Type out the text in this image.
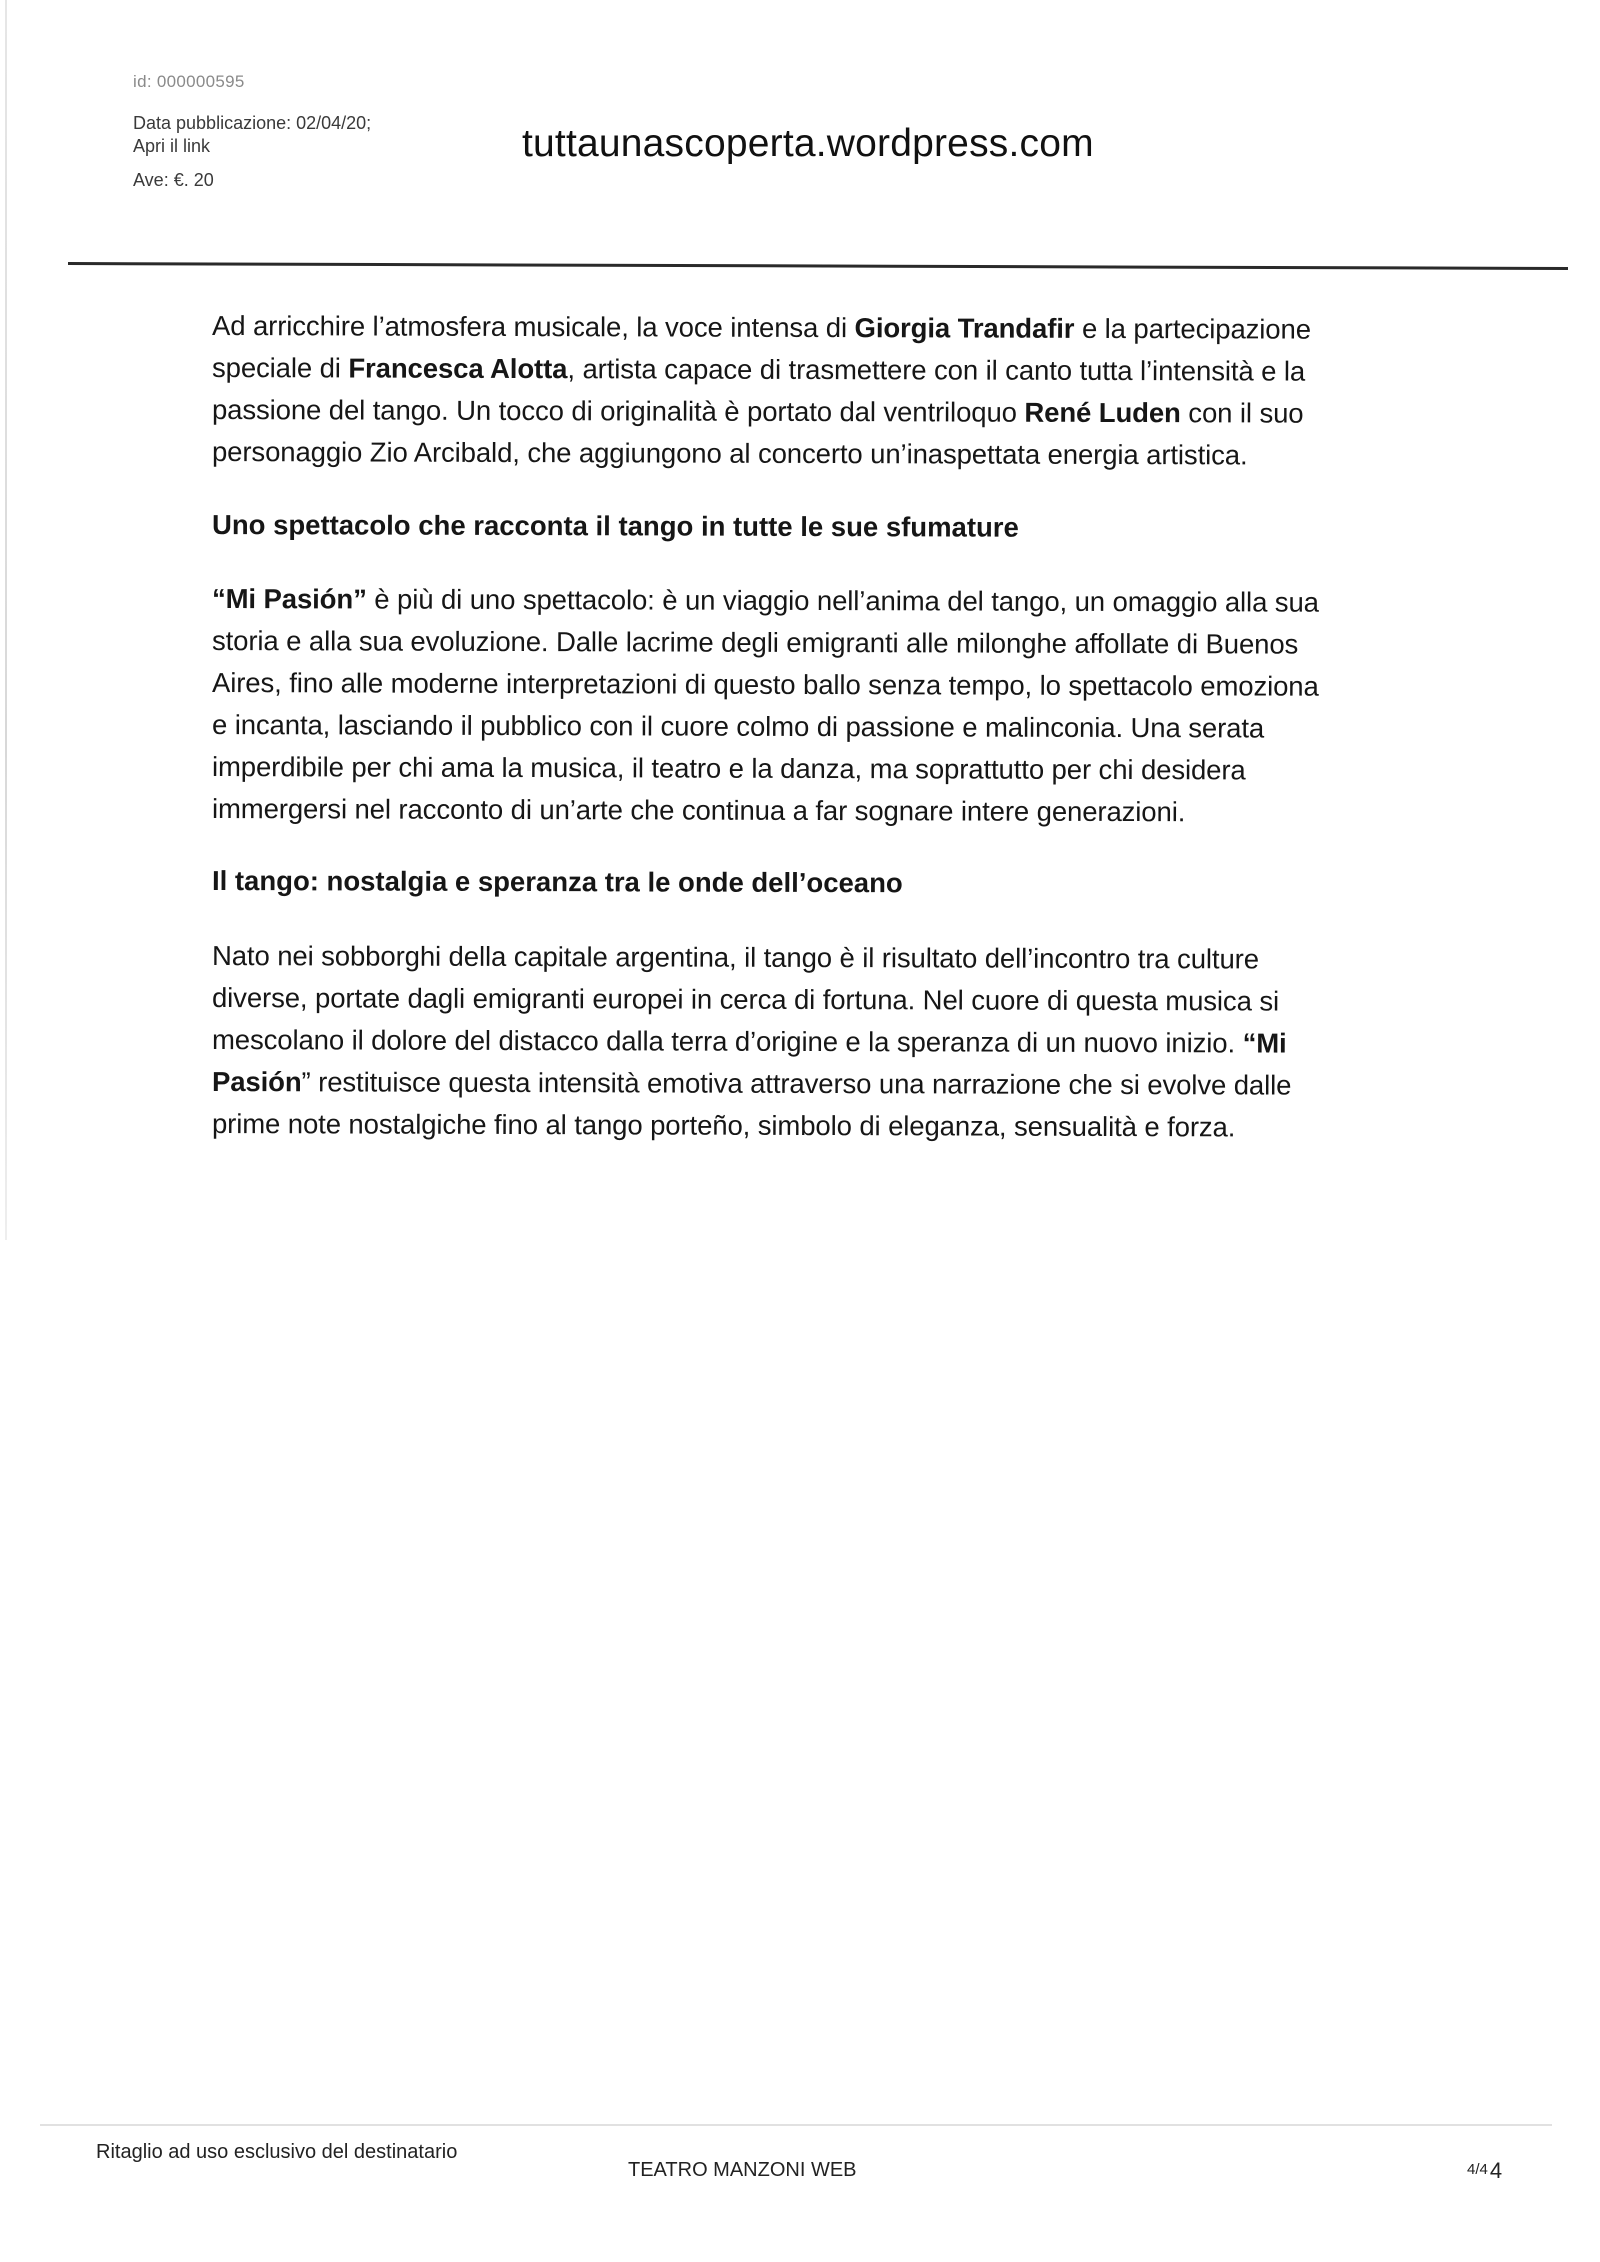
id: 000000595
Data pubblicazione: 02/04/20;
Apri il link
Ave: €. 20
tuttaunascoperta.wordpress.com
Ad arricchire l’atmosfera musicale, la voce intensa di Giorgia Trandafir e la partecipazione
speciale di Francesca Alotta, artista capace di trasmettere con il canto tutta l’intensità e la
passione del tango. Un tocco di originalità è portato dal ventriloquo René Luden con il suo
personaggio Zio Arcibald, che aggiungono al concerto un’inaspettata energia artistica.
Uno spettacolo che racconta il tango in tutte le sue sfumature
“Mi Pasión” è più di uno spettacolo: è un viaggio nell’anima del tango, un omaggio alla sua
storia e alla sua evoluzione. Dalle lacrime degli emigranti alle milonghe affollate di Buenos
Aires, fino alle moderne interpretazioni di questo ballo senza tempo, lo spettacolo emoziona
e incanta, lasciando il pubblico con il cuore colmo di passione e malinconia. Una serata
imperdibile per chi ama la musica, il teatro e la danza, ma soprattutto per chi desidera
immergersi nel racconto di un’arte che continua a far sognare intere generazioni.
Il tango: nostalgia e speranza tra le onde dell’oceano
Nato nei sobborghi della capitale argentina, il tango è il risultato dell’incontro tra culture
diverse, portate dagli emigranti europei in cerca di fortuna. Nel cuore di questa musica si
mescolano il dolore del distacco dalla terra d’origine e la speranza di un nuovo inizio. “Mi
Pasión” restituisce questa intensità emotiva attraverso una narrazione che si evolve dalle
prime note nostalgiche fino al tango porteño, simbolo di eleganza, sensualità e forza.
Ritaglio ad uso esclusivo del destinatario
TEATRO MANZONI WEB	4/44
